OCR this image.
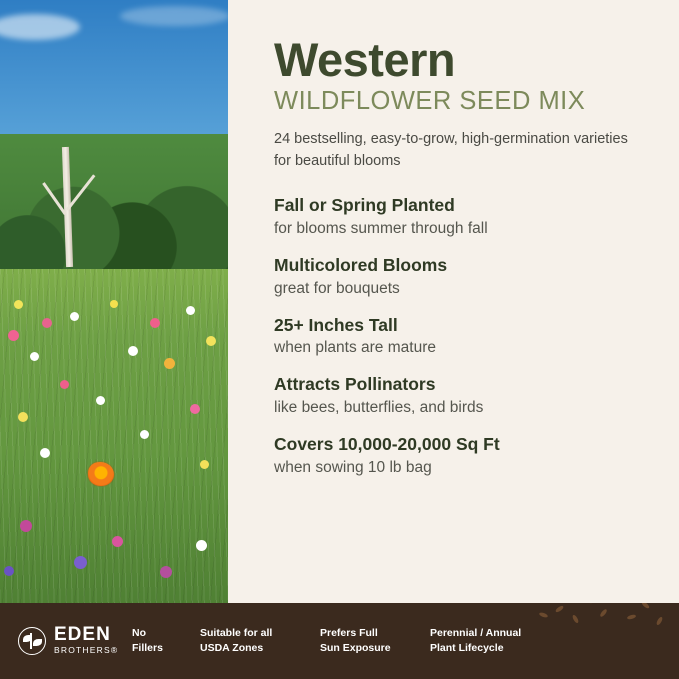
Western
WILDFLOWER SEED MIX
24 bestselling, easy-to-grow, high-germination varieties for beautiful blooms
Fall or Spring Planted
for blooms summer through fall
Multicolored Blooms
great for bouquets
25+ Inches Tall
when plants are mature
Attracts Pollinators
like bees, butterflies, and birds
Covers 10,000-20,000 Sq Ft
when sowing 10 lb bag
EDEN
BROTHERS®
No
Fillers
Suitable for all
USDA Zones
Prefers Full
Sun Exposure
Perennial / Annual
Plant Lifecycle
